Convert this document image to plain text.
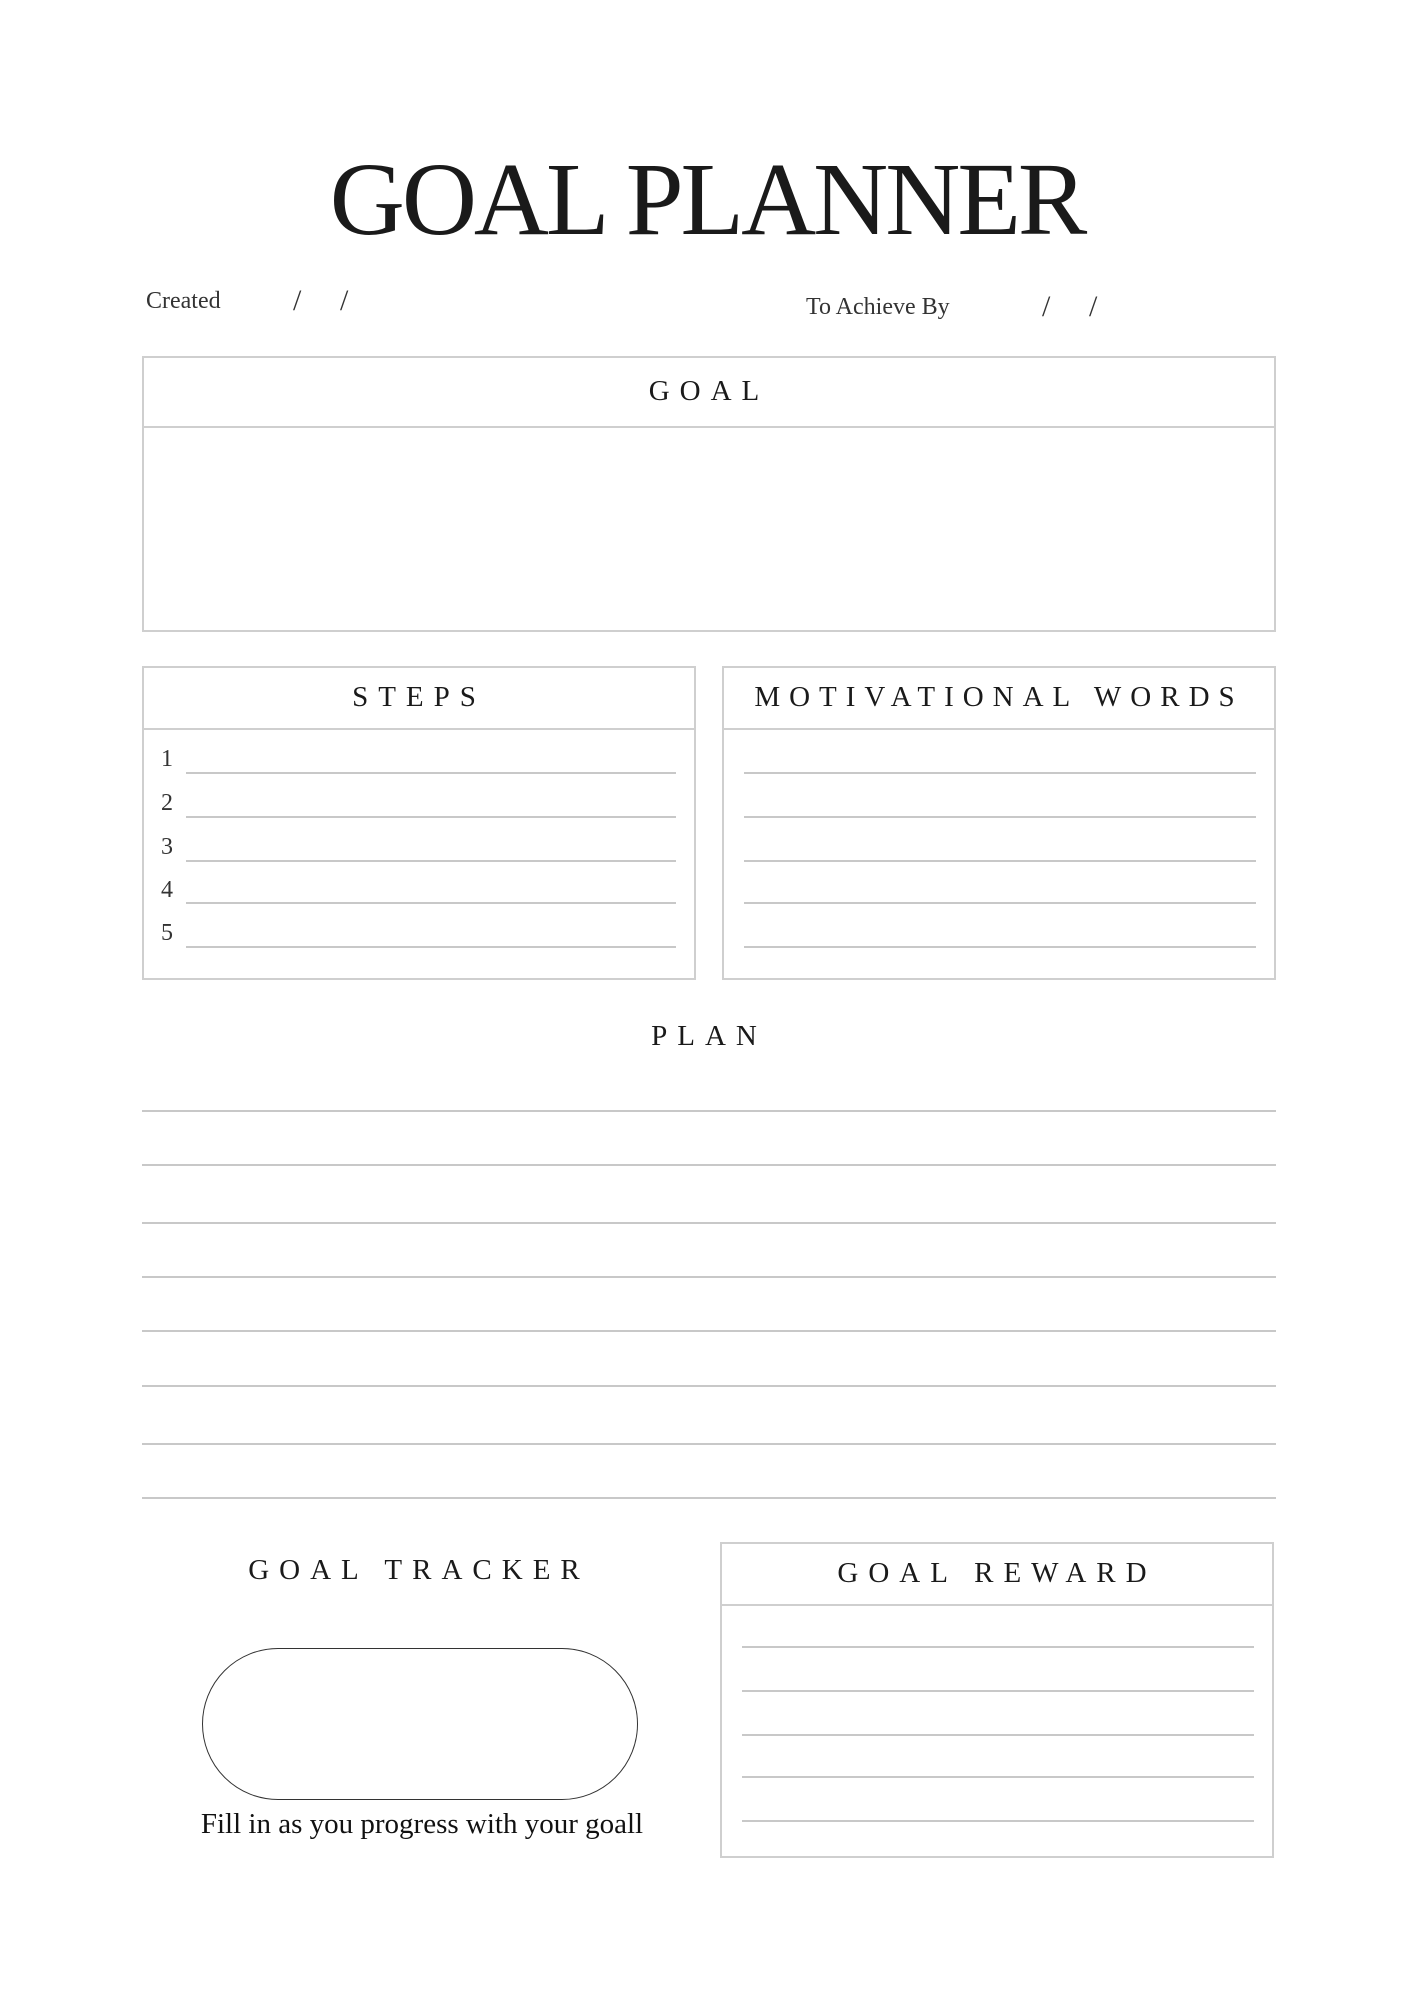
GOAL PLANNER
Created / /	To Achieve By	/ /
GOAL
STEPS
1
2
3
4
5
MOTIVATIONAL WORDS
PLAN
GOAL TRACKER
Fill in as you progress with your goall
GOAL REWARD
